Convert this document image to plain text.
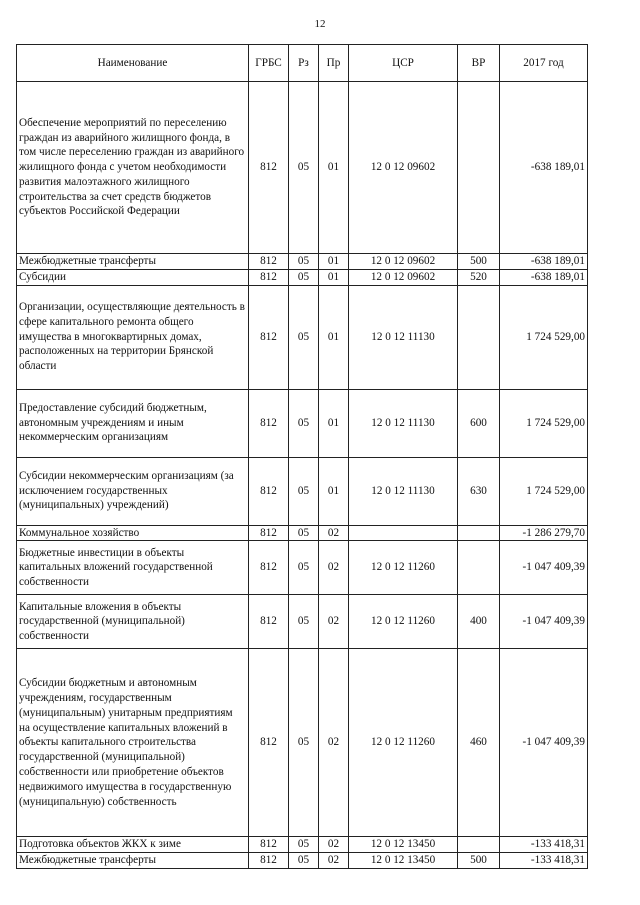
12
Наименование	ГРБС	Рз	Пр	ЦСР	ВР	2017 год
Обеспечение мероприятий по переселению граждан из аварийного жилищного фонда, в том числе переселению граждан из аварийного жилищного фонда с учетом необходимости развития малоэтажного жилищного строительства за счет средств бюджетов субъектов Российской Федерации	812	05	01	12 0 12 09602		-638 189,01
Межбюджетные трансферты	812	05	01	12 0 12 09602	500	-638 189,01
Субсидии	812	05	01	12 0 12 09602	520	-638 189,01
Организации, осуществляющие деятельность в сфере капитального ремонта общего имущества в многоквартирных домах, расположенных на территории Брянской области	812	05	01	12 0 12 11130		1 724 529,00
Предоставление субсидий бюджетным, автономным учреждениям и иным некоммерческим организациям	812	05	01	12 0 12 11130	600	1 724 529,00
Субсидии некоммерческим организациям (за исключением государственных (муниципальных) учреждений)	812	05	01	12 0 12 11130	630	1 724 529,00
Коммунальное хозяйство	812	05	02			-1 286 279,70
Бюджетные инвестиции в объекты капитальных вложений государственной собственности	812	05	02	12 0 12 11260		-1 047 409,39
Капитальные вложения в объекты государственной (муниципальной) собственности	812	05	02	12 0 12 11260	400	-1 047 409,39
Субсидии бюджетным и автономным учреждениям, государственным (муниципальным) унитарным предприятиям на осуществление капитальных вложений в объекты капитального строительства государственной (муниципальной) собственности или приобретение объектов недвижимого имущества в государственную (муниципальную) собственность	812	05	02	12 0 12 11260	460	-1 047 409,39
Подготовка объектов ЖКХ к зиме	812	05	02	12 0 12 13450		-133 418,31
Межбюджетные трансферты	812	05	02	12 0 12 13450	500	-133 418,31
